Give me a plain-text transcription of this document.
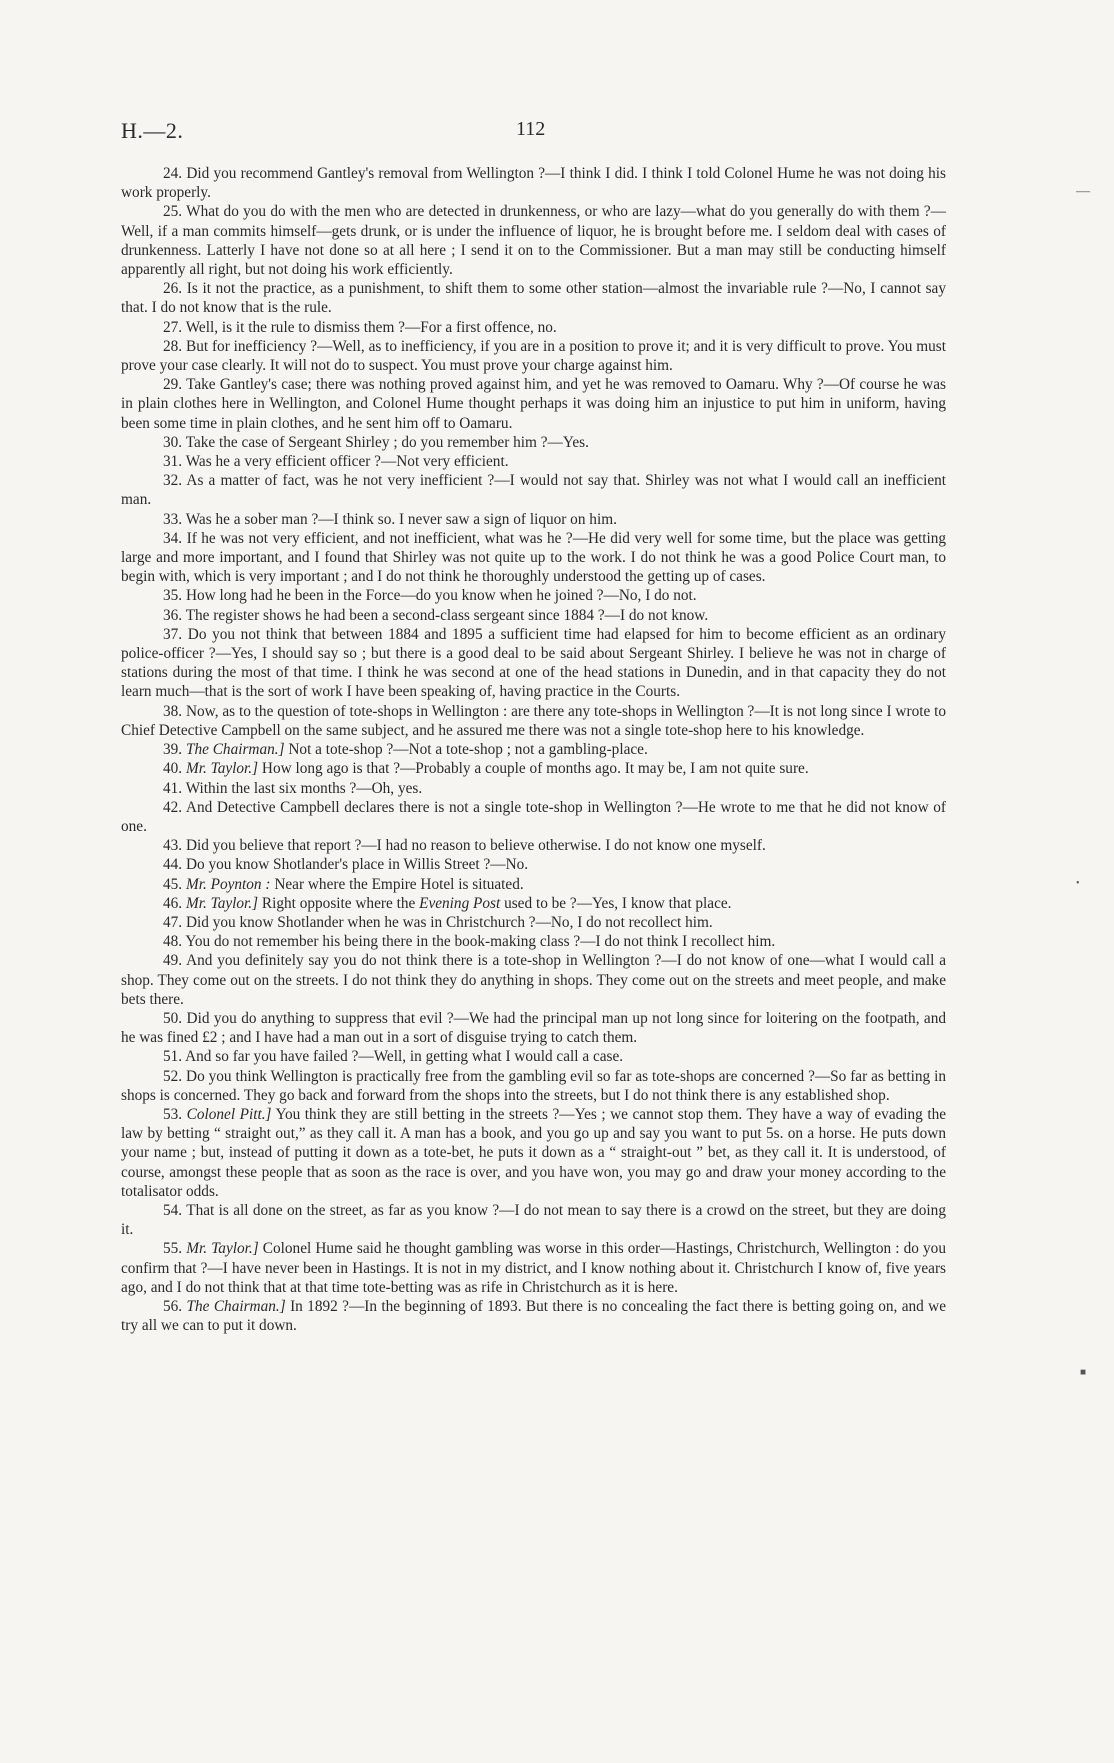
H.—2.	112

24. Did you recommend Gantley's removal from Wellington ?—I think I did. I think I told Colonel Hume he was not doing his work properly.

25. What do you do with the men who are detected in drunkenness, or who are lazy—what do you generally do with them ?—Well, if a man commits himself—gets drunk, or is under the influence of liquor, he is brought before me. I seldom deal with cases of drunkenness. Latterly I have not done so at all here ; I send it on to the Commissioner. But a man may still be conducting himself apparently all right, but not doing his work efficiently.

26. Is it not the practice, as a punishment, to shift them to some other station—almost the invariable rule ?—No, I cannot say that. I do not know that is the rule.

27. Well, is it the rule to dismiss them ?—For a first offence, no.

28. But for inefficiency ?—Well, as to inefficiency, if you are in a position to prove it; and it is very difficult to prove. You must prove your case clearly. It will not do to suspect. You must prove your charge against him.

29. Take Gantley's case; there was nothing proved against him, and yet he was removed to Oamaru. Why ?—Of course he was in plain clothes here in Wellington, and Colonel Hume thought perhaps it was doing him an injustice to put him in uniform, having been some time in plain clothes, and he sent him off to Oamaru.

30. Take the case of Sergeant Shirley ; do you remember him ?—Yes.

31. Was he a very efficient officer ?—Not very efficient.

32. As a matter of fact, was he not very inefficient ?—I would not say that. Shirley was not what I would call an inefficient man.

33. Was he a sober man ?—I think so. I never saw a sign of liquor on him.

34. If he was not very efficient, and not inefficient, what was he ?—He did very well for some time, but the place was getting large and more important, and I found that Shirley was not quite up to the work. I do not think he was a good Police Court man, to begin with, which is very important ; and I do not think he thoroughly understood the getting up of cases.

35. How long had he been in the Force—do you know when he joined ?—No, I do not.

36. The register shows he had been a second-class sergeant since 1884 ?—I do not know.

37. Do you not think that between 1884 and 1895 a sufficient time had elapsed for him to become efficient as an ordinary police-officer ?—Yes, I should say so ; but there is a good deal to be said about Sergeant Shirley. I believe he was not in charge of stations during the most of that time. I think he was second at one of the head stations in Dunedin, and in that capacity they do not learn much—that is the sort of work I have been speaking of, having practice in the Courts.

38. Now, as to the question of tote-shops in Wellington : are there any tote-shops in Wellington ?—It is not long since I wrote to Chief Detective Campbell on the same subject, and he assured me there was not a single tote-shop here to his knowledge.

39. The Chairman.] Not a tote-shop ?—Not a tote-shop ; not a gambling-place.

40. Mr. Taylor.] How long ago is that ?—Probably a couple of months ago. It may be, I am not quite sure.

41. Within the last six months ?—Oh, yes.

42. And Detective Campbell declares there is not a single tote-shop in Wellington ?—He wrote to me that he did not know of one.

43. Did you believe that report ?—I had no reason to believe otherwise. I do not know one myself.

44. Do you know Shotlander's place in Willis Street ?—No.

45. Mr. Poynton : Near where the Empire Hotel is situated.

46. Mr. Taylor.] Right opposite where the Evening Post used to be ?—Yes, I know that place.

47. Did you know Shotlander when he was in Christchurch ?—No, I do not recollect him.

48. You do not remember his being there in the book-making class ?—I do not think I recollect him.

49. And you definitely say you do not think there is a tote-shop in Wellington ?—I do not know of one—what I would call a shop. They come out on the streets. I do not think they do anything in shops. They come out on the streets and meet people, and make bets there.

50. Did you do anything to suppress that evil ?—We had the principal man up not long since for loitering on the footpath, and he was fined £2 ; and I have had a man out in a sort of disguise trying to catch them.

51. And so far you have failed ?—Well, in getting what I would call a case.

52. Do you think Wellington is practically free from the gambling evil so far as tote-shops are concerned ?—So far as betting in shops is concerned. They go back and forward from the shops into the streets, but I do not think there is any established shop.

53. Colonel Pitt.] You think they are still betting in the streets ?—Yes ; we cannot stop them. They have a way of evading the law by betting “ straight out,” as they call it. A man has a book, and you go up and say you want to put 5s. on a horse. He puts down your name ; but, instead of putting it down as a tote-bet, he puts it down as a “ straight-out ” bet, as they call it. It is understood, of course, amongst these people that as soon as the race is over, and you have won, you may go and draw your money according to the totalisator odds.

54. That is all done on the street, as far as you know ?—I do not mean to say there is a crowd on the street, but they are doing it.

55. Mr. Taylor.] Colonel Hume said he thought gambling was worse in this order—Hastings, Christchurch, Wellington : do you confirm that ?—I have never been in Hastings. It is not in my district, and I know nothing about it. Christchurch I know of, five years ago, and I do not think that at that time tote-betting was as rife in Christchurch as it is here.

56. The Chairman.] In 1892 ?—In the beginning of 1893. But there is no concealing the fact there is betting going on, and we try all we can to put it down.

—
•
■
